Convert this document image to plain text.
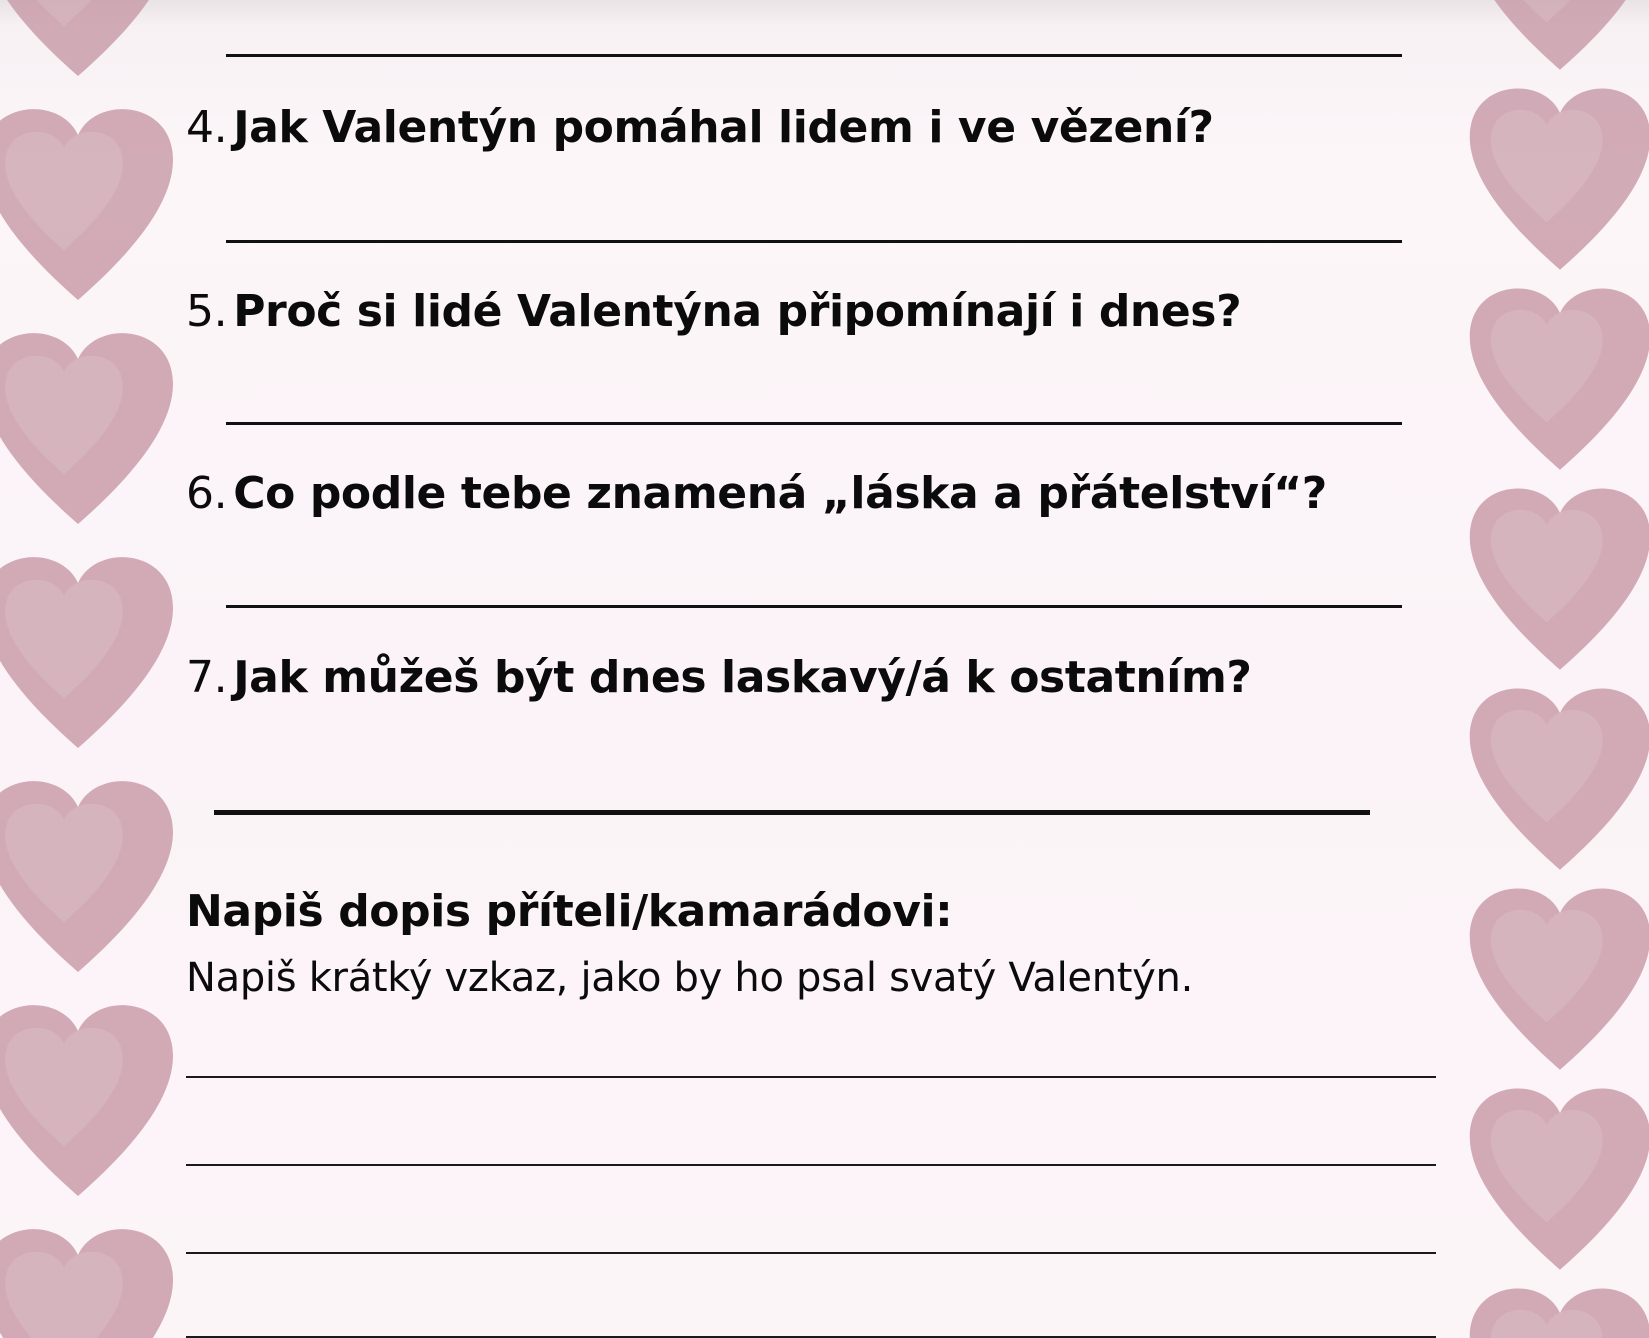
4. Jak Valentýn pomáhal lidem i ve vězení?
5. Proč si lidé Valentýna připomínají i dnes?
6. Co podle tebe znamená „láska a přátelství“?
7. Jak můžeš být dnes laskavý/á k ostatním?
Napiš dopis příteli/kamarádovi:
Napiš krátký vzkaz, jako by ho psal svatý Valentýn.
